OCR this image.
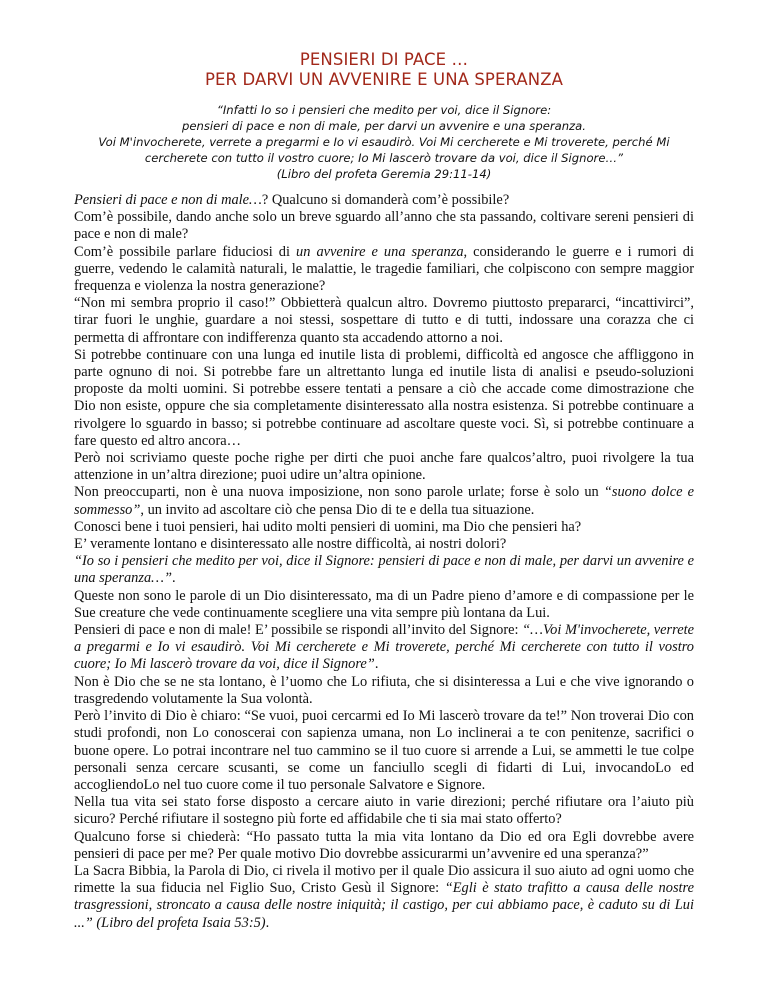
PENSIERI DI PACE …
PER DARVI UN AVVENIRE E UNA SPERANZA
“Infatti Io so i pensieri che medito per voi, dice il Signore:
pensieri di pace e non di male, per darvi un avvenire e una speranza.
Voi M'invocherete, verrete a pregarmi e Io vi esaudirò. Voi Mi cercherete e Mi troverete, perché Mi
cercherete con tutto il vostro cuore; Io Mi lascerò trovare da voi, dice il Signore…”
(Libro del profeta Geremia 29:11-14)

Pensieri di pace e non di male…? Qualcuno si domanderà com’è possibile?

Com’è possibile, dando anche solo un breve sguardo all’anno che sta passando, coltivare sereni pensieri di pace e non di male?

Com’è possibile parlare fiduciosi di un avvenire e una speranza, considerando le guerre e i rumori di guerre, vedendo le calamità naturali, le malattie, le tragedie familiari, che colpiscono con sempre maggior frequenza e violenza la nostra generazione?

“Non mi sembra proprio il caso!” Obbietterà qualcun altro. Dovremo piuttosto prepararci, “incattivirci”, tirar fuori le unghie, guardare a noi stessi, sospettare di tutto e di tutti, indossare una corazza che ci permetta di affrontare con indifferenza quanto sta accadendo attorno a noi.

Si potrebbe continuare con una lunga ed inutile lista di problemi, difficoltà ed angosce che affliggono in parte ognuno di noi. Si potrebbe fare un altrettanto lunga ed inutile lista di analisi e pseudo-soluzioni proposte da molti uomini. Si potrebbe essere tentati a pensare a ciò che accade come dimostrazione che Dio non esiste, oppure che sia completamente disinteressato alla nostra esistenza. Si potrebbe continuare a rivolgere lo sguardo in basso; si potrebbe continuare ad ascoltare queste voci. Sì, si potrebbe continuare a fare questo ed altro ancora…

Però noi scriviamo queste poche righe per dirti che puoi anche fare qualcos’altro, puoi rivolgere la tua attenzione in un’altra direzione; puoi udire un’altra opinione.

Non preoccuparti, non è una nuova imposizione, non sono parole urlate; forse è solo un “suono dolce e sommesso”, un invito ad ascoltare ciò che pensa Dio di te e della tua situazione.

Conosci bene i tuoi pensieri, hai udito molti pensieri di uomini, ma Dio che pensieri ha?

E’ veramente lontano e disinteressato alle nostre difficoltà, ai nostri dolori?

“Io so i pensieri che medito per voi, dice il Signore: pensieri di pace e non di male, per darvi un avvenire e una speranza…”.

Queste non sono le parole di un Dio disinteressato, ma di un Padre pieno d’amore e di compassione per le Sue creature che vede continuamente scegliere una vita sempre più lontana da Lui.

Pensieri di pace e non di male! E’ possibile se rispondi all’invito del Signore: “…Voi M'invocherete, verrete a pregarmi e Io vi esaudirò. Voi Mi cercherete e Mi troverete, perché Mi cercherete con tutto il vostro cuore; Io Mi lascerò trovare da voi, dice il Signore”.

Non è Dio che se ne sta lontano, è l’uomo che Lo rifiuta, che si disinteressa a Lui e che vive ignorando o trasgredendo volutamente la Sua volontà.

Però l’invito di Dio è chiaro: “Se vuoi, puoi cercarmi ed Io Mi lascerò trovare da te!” Non troverai Dio con studi profondi, non Lo conoscerai con sapienza umana, non Lo inclinerai a te con penitenze, sacrifici o buone opere. Lo potrai incontrare nel tuo cammino se il tuo cuore si arrende a Lui, se ammetti le tue colpe personali senza cercare scusanti, se come un fanciullo scegli di fidarti di Lui, invocandoLo ed accogliendoLo nel tuo cuore come il tuo personale Salvatore e Signore.

Nella tua vita sei stato forse disposto a cercare aiuto in varie direzioni; perché rifiutare ora l’aiuto più sicuro? Perché rifiutare il sostegno più forte ed affidabile che ti sia mai stato offerto?

Qualcuno forse si chiederà: “Ho passato tutta la mia vita lontano da Dio ed ora Egli dovrebbe avere pensieri di pace per me? Per quale motivo Dio dovrebbe assicurarmi un’avvenire ed una speranza?”

La Sacra Bibbia, la Parola di Dio, ci rivela il motivo per il quale Dio assicura il suo aiuto ad ogni uomo che rimette la sua fiducia nel Figlio Suo, Cristo Gesù il Signore: “Egli è stato trafitto a causa delle nostre trasgressioni, stroncato a causa delle nostre iniquità; il castigo, per cui abbiamo pace, è caduto su di Lui ...” (Libro del profeta Isaia 53:5).
